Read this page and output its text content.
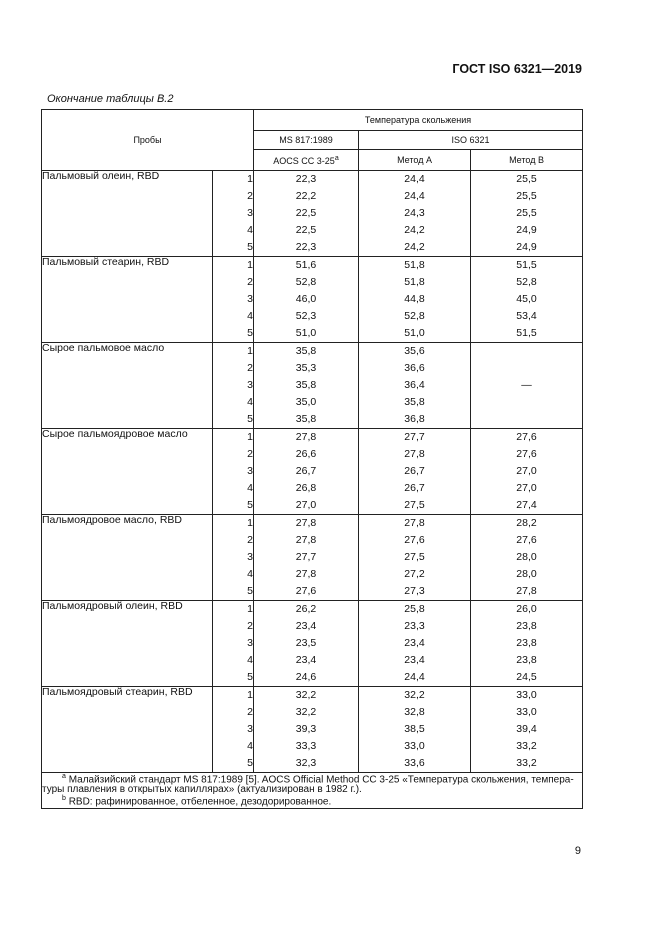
ГОСТ ISO 6321—2019
Окончание таблицы В.2
Пробы		Температура скольжения		
		MS 817:1989	ISO 6321	
		AOCS CC 3-25$^a$	Метод А	Метод В
Пальмовый олеин, RBD	1	22,3	24,4	25,5
	2	22,2	24,4	25,5
	3	22,5	24,3	25,5
	4	22,5	24,2	24,9
	5	22,3	24,2	24,9
Пальмовый стеарин, RBD	1	51,6	51,8	51,5
	2	52,8	51,8	52,8
	3	46,0	44,8	45,0
	4	52,3	52,8	53,4
	5	51,0	51,0	51,5
Сырое пальмовое масло	1	35,8	35,6	—
	2	35,3	36,6	
	3	35,8	36,4	
	4	35,0	35,8	
	5	35,8	36,8	
Сырое пальмоядровое масло	1	27,8	27,7	27,6
	2	26,6	27,8	27,6
	3	26,7	26,7	27,0
	4	26,8	26,7	27,0
	5	27,0	27,5	27,4
Пальмоядровое масло, RBD	1	27,8	27,8	28,2
	2	27,8	27,6	27,6
	3	27,7	27,5	28,0
	4	27,8	27,2	28,0
	5	27,6	27,3	27,8
Пальмоядровый олеин, RBD	1	26,2	25,8	26,0
	2	23,4	23,3	23,8
	3	23,5	23,4	23,8
	4	23,4	23,4	23,8
	5	24,6	24,4	24,5
Пальмоядровый стеарин, RBD	1	32,2	32,2	33,0
	2	32,2	32,8	33,0
	3	39,3	38,5	39,4
	4	33,3	33,0	33,2
	5	32,3	33,6	33,2

$^a$ Малайзийский стандарт MS 817:1989 [5]. AOCS Official Method CC 3-25 «Температура скольжения, темпера-
туры плавления в открытых капиллярах» (актуализирован в 1982 г.).
$^b$ RBD: рафинированное, отбеленное, дезодорированное.				
9
